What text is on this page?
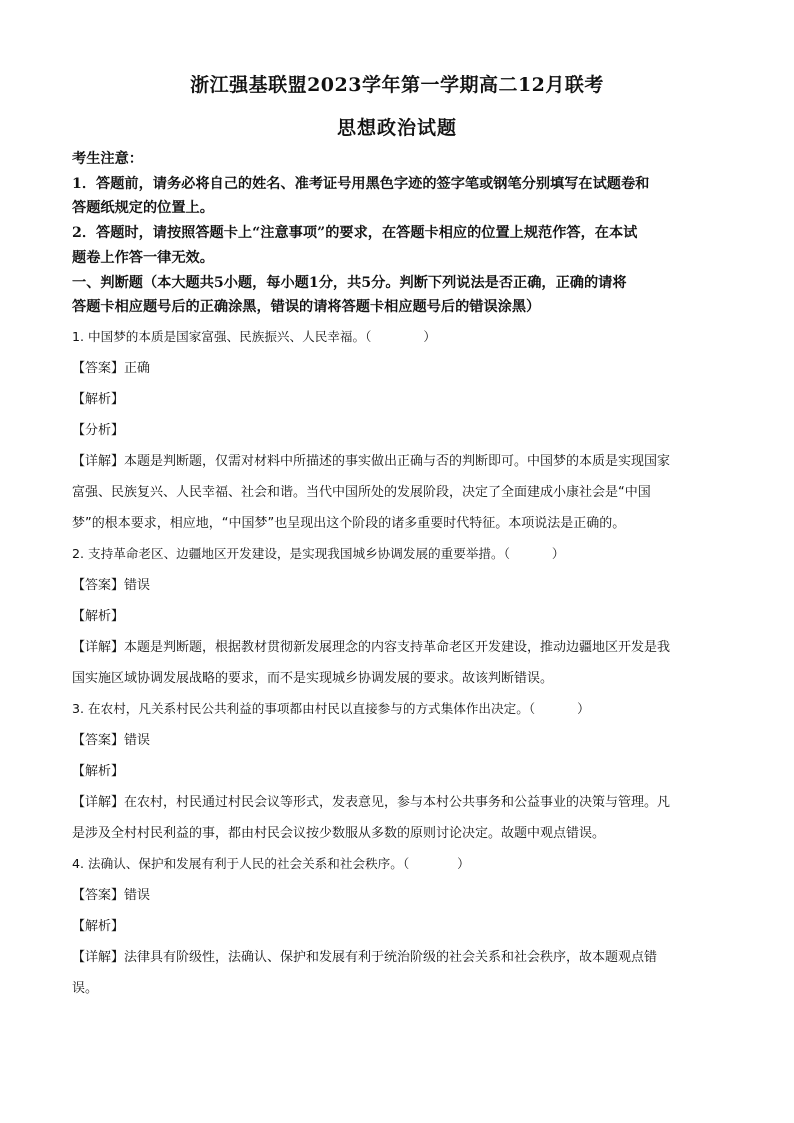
浙江强基联盟2023学年第一学期高二12月联考
思想政治试题
考生注意：
1．答题前，请务必将自己的姓名、准考证号用黑色字迹的签字笔或钢笔分别填写在试题卷和
答题纸规定的位置上。
2．答题时，请按照答题卡上“注意事项”的要求，在答题卡相应的位置上规范作答，在本试
题卷上作答一律无效。
一、判断题（本大题共5小题，每小题1分，共5分。判断下列说法是否正确，正确的请将
答题卡相应题号后的正确涂黑，错误的请将答题卡相应题号后的错误涂黑）
1. 中国梦的本质是国家富强、民族振兴、人民幸福。（	）
【答案】正确
【解析】
【分析】
【详解】本题是判断题，仅需对材料中所描述的事实做出正确与否的判断即可。中国梦的本质是实现国家
富强、民族复兴、人民幸福、社会和谐。当代中国所处的发展阶段，决定了全面建成小康社会是“中国
梦”的根本要求，相应地，“中国梦”也呈现出这个阶段的诸多重要时代特征。本项说法是正确的。
2. 支持革命老区、边疆地区开发建设，是实现我国城乡协调发展的重要举措。（	）
【答案】错误
【解析】
【详解】本题是判断题，根据教材贯彻新发展理念的内容支持革命老区开发建设，推动边疆地区开发是我
国实施区域协调发展战略的要求，而不是实现城乡协调发展的要求。故该判断错误。
3. 在农村，凡关系村民公共利益的事项都由村民以直接参与的方式集体作出决定。（	）
【答案】错误
【解析】
【详解】在农村，村民通过村民会议等形式，发表意见，参与本村公共事务和公益事业的决策与管理。凡
是涉及全村村民利益的事，都由村民会议按少数服从多数的原则讨论决定。故题中观点错误。
4. 法确认、保护和发展有利于人民的社会关系和社会秩序。（	）
【答案】错误
【解析】
【详解】法律具有阶级性，法确认、保护和发展有利于统治阶级的社会关系和社会秩序，故本题观点错
误。
